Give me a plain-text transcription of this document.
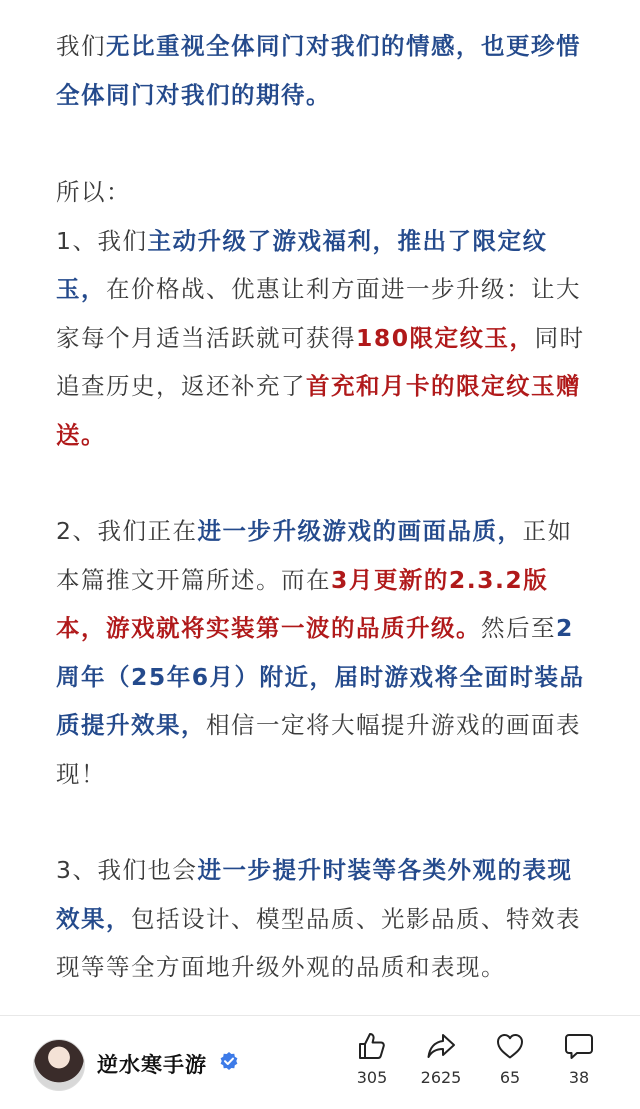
我们无比重视全体同门对我们的情感，也更珍惜全体同门对我们的期待。

所以：

1、我们主动升级了游戏福利，推出了限定纹玉，在价格战、优惠让利方面进一步升级：让大家每个月适当活跃就可获得180限定纹玉，同时追查历史，返还补充了首充和月卡的限定纹玉赠送。

2、我们正在进一步升级游戏的画面品质，正如本篇推文开篇所述。而在3月更新的2.3.2版本，游戏就将实装第一波的品质升级。然后至2周年（25年6月）附近，届时游戏将全面时装品质提升效果，相信一定将大幅提升游戏的画面表现！

3、我们也会进一步提升时装等各类外观的表现效果，包括设计、模型品质、光影品质、特效表现等等全方面地升级外观的品质和表现。

逆水寒手游
305	2625	65	38
